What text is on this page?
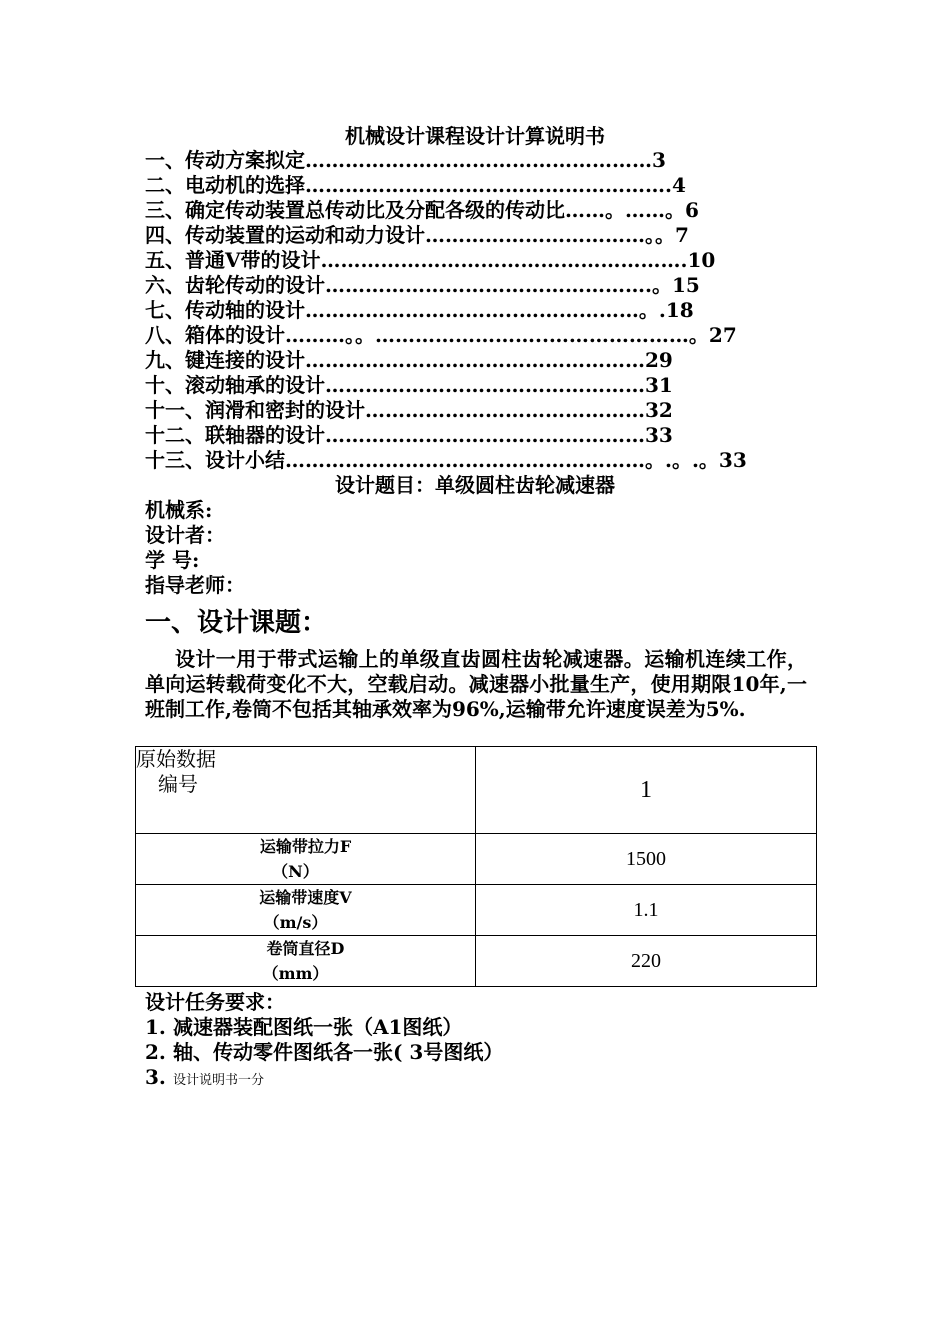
机械设计课程设计计算说明书
一、传动方案拟定…………….………………………………3
二、电动机的选择……………………………………………….4
三、确定传动装置总传动比及分配各级的传动比……。……。6
四、传动装置的运动和动力设计……………………………。。7
五、普通V带的设计……………………………………………….10
六、齿轮传动的设计………………………………………….。15
七、传动轴的设计…………………………..………………。.18
八、箱体的设计………。。……………………..…………………。27
九、键连接的设计……………………………………………29
十、滚动轴承的设计…………………………………………31
十一、润滑和密封的设计……………………………………32
十二、联轴器的设计…………………………………………33
十三、设计小结………………………………………………。.。.。33
设计题目：单级圆柱齿轮减速器
机械系:
设计者：
学 号:
指导老师：
一、设计课题：
设计一用于带式运输上的单级直齿圆柱齿轮减速器。运输机连续工作，单向运转载荷变化不大，空载启动。减速器小批量生产，使用期限10年,一班制工作,卷筒不包括其轴承效率为96%,运输带允许速度误差为5%.
原始数据
编号	1

运输带拉力F
（N）	1500

运输带速度V
（m/s）	1.1

卷筒直径D
（mm）	220
设计任务要求：
1. 减速器装配图纸一张（A1图纸）
2. 轴、传动零件图纸各一张( 3号图纸）
3. 设计说明书一分
